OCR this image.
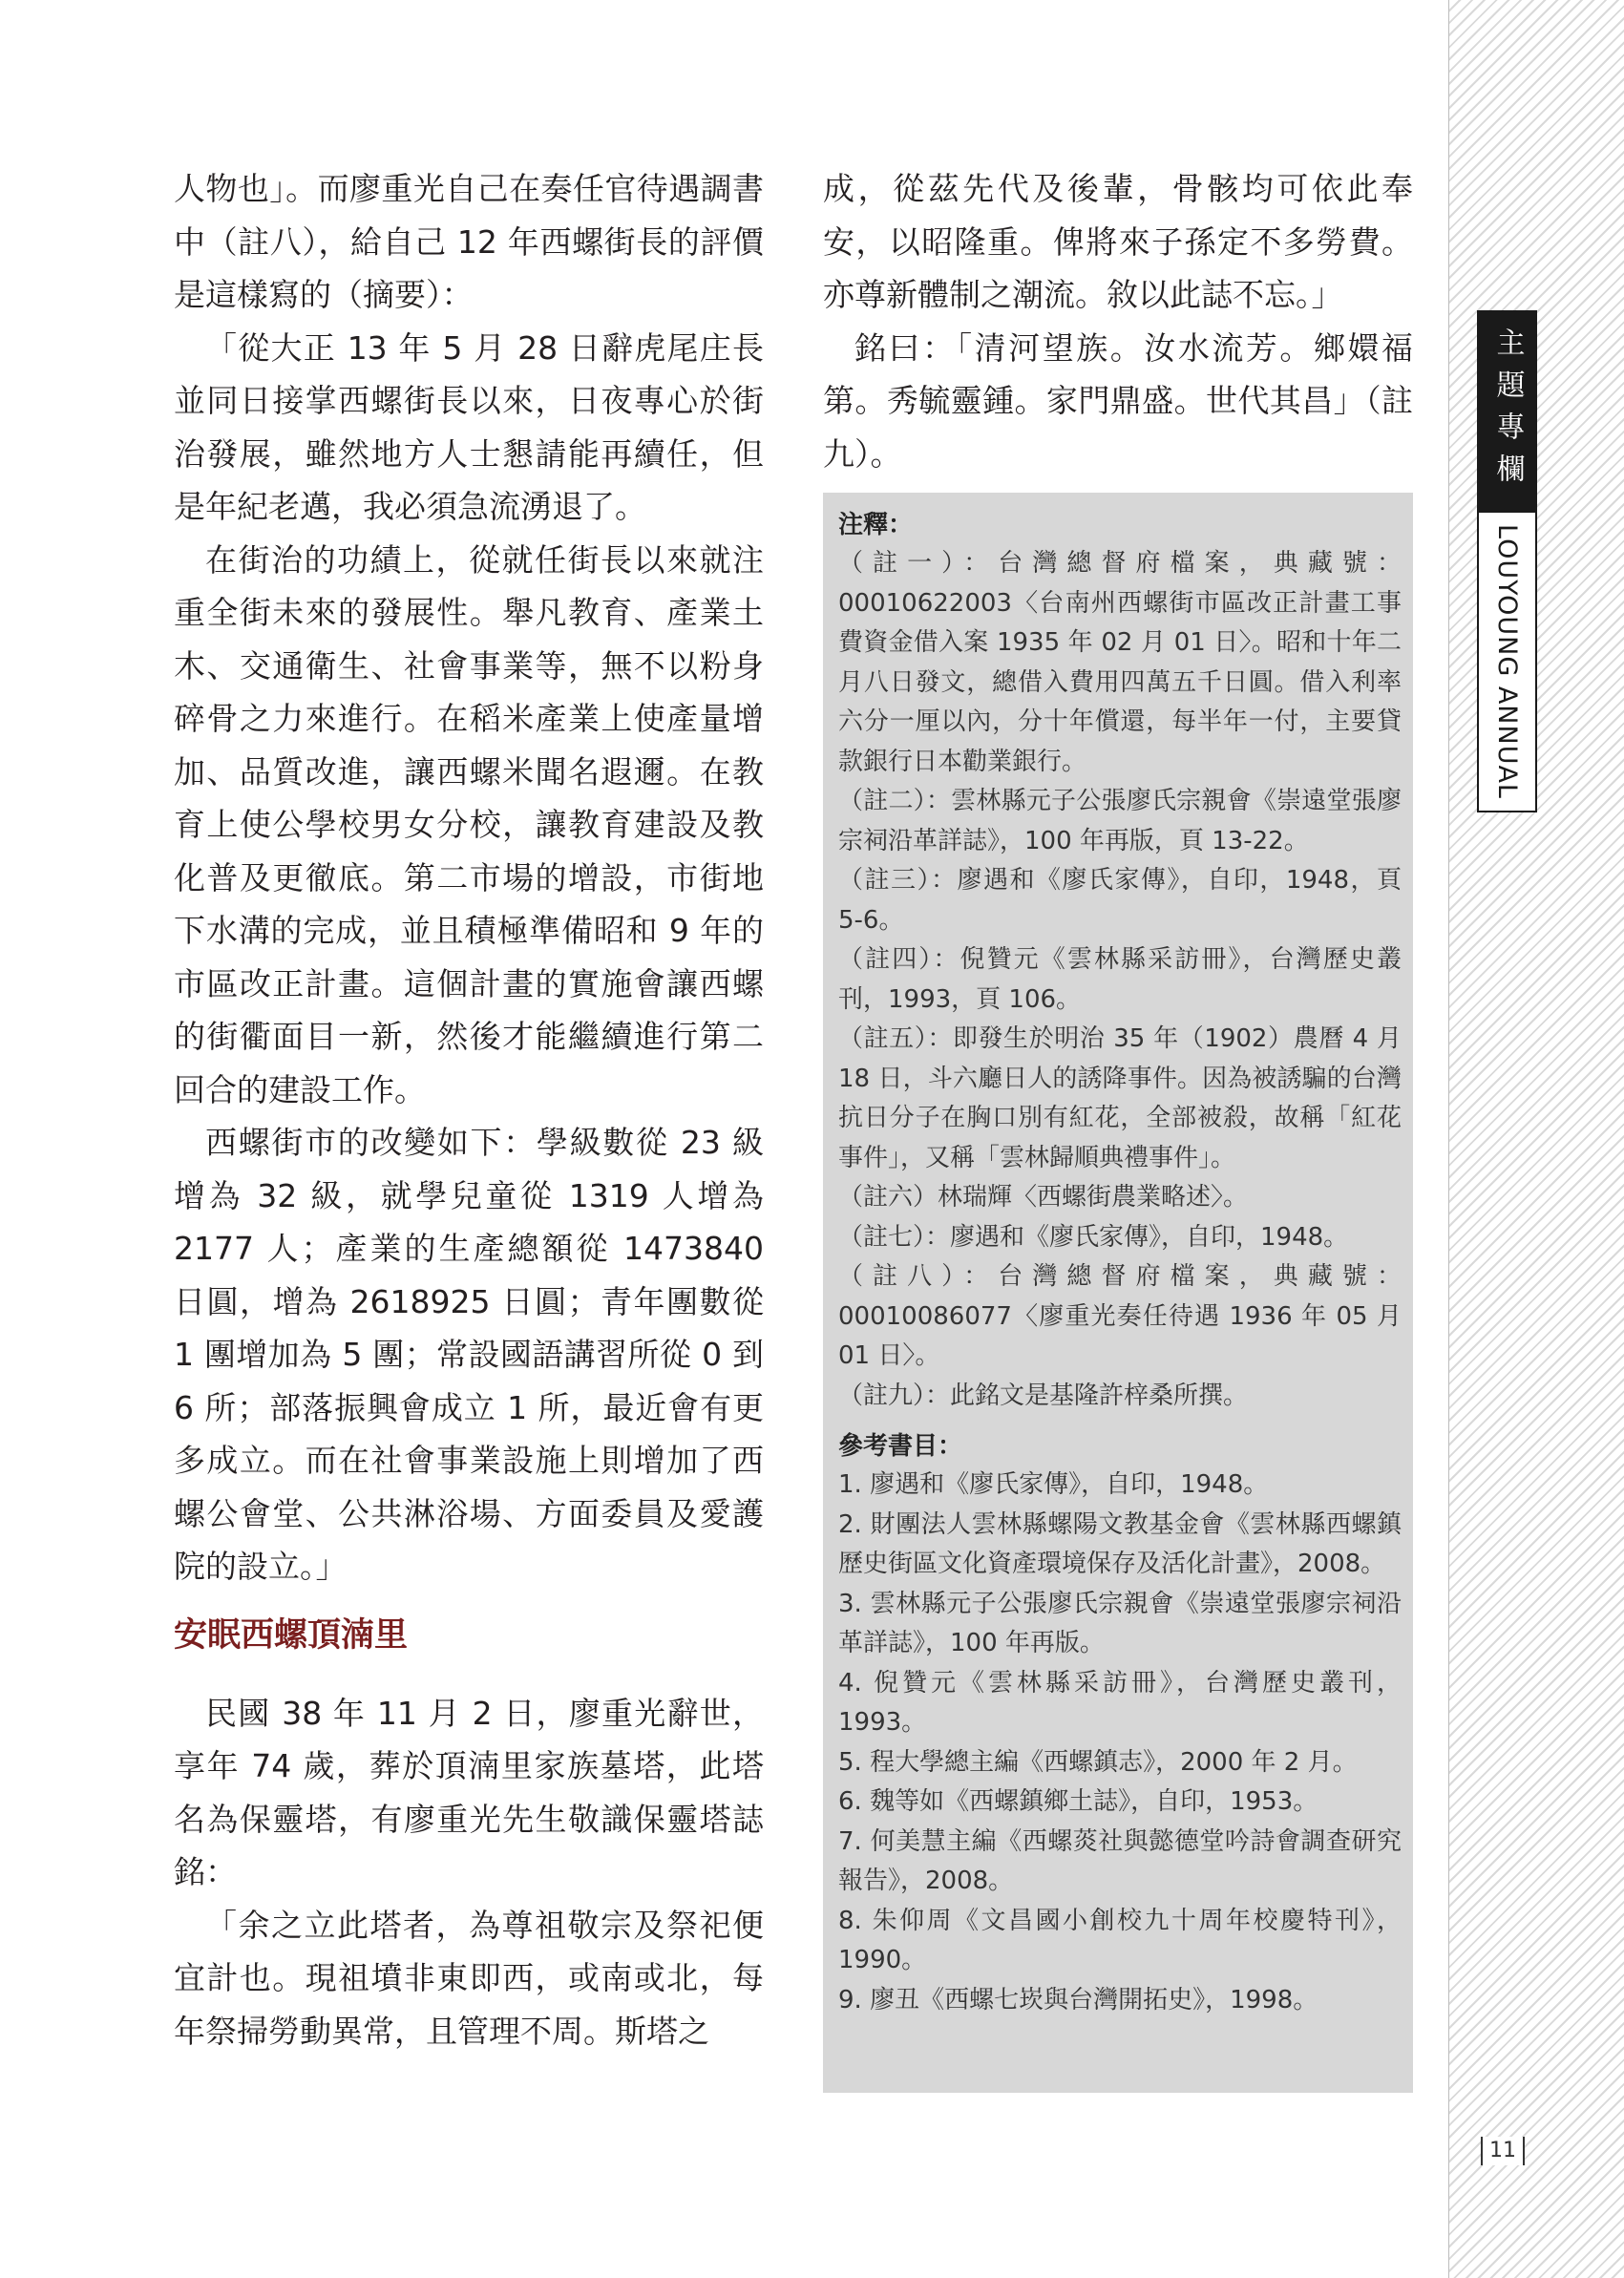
主題專欄
LOUYOUNG ANNUAL
11

人物也」。而廖重光自己在奏任官待遇調書中（註八），給自己 12 年西螺街長的評價是這樣寫的（摘要）：

「從大正 13 年 5 月 28 日辭虎尾庄長並同日接掌西螺街長以來，日夜專心於街治發展，雖然地方人士懇請能再續任，但是年紀老邁，我必須急流湧退了。

在街治的功績上，從就任街長以來就注重全街未來的發展性。舉凡教育、產業土木、交通衛生、社會事業等，無不以粉身碎骨之力來進行。在稻米產業上使產量增加、品質改進，讓西螺米聞名遐邇。在教育上使公學校男女分校，讓教育建設及教化普及更徹底。第二市場的增設，市街地下水溝的完成，並且積極準備昭和 9 年的市區改正計畫。這個計畫的實施會讓西螺的街衢面目一新，然後才能繼續進行第二回合的建設工作。

西螺街市的改變如下：學級數從 23 級增為 32 級，就學兒童從 1319 人增為 2177 人；產業的生產總額從 1473840 日圓，增為 2618925 日圓；青年團數從 1 團增加為 5 團；常設國語講習所從 0 到 6 所；部落振興會成立 1 所，最近會有更多成立。而在社會事業設施上則增加了西螺公會堂、公共淋浴場、方面委員及愛護院的設立。」

安眠西螺頂湳里

民國 38 年 11 月 2 日，廖重光辭世，享年 74 歲，葬於頂湳里家族墓塔，此塔名為保靈塔，有廖重光先生敬識保靈塔誌銘：

「余之立此塔者，為尊祖敬宗及祭祀便宜計也。現祖墳非東即西，或南或北，每年祭掃勞動異常，且管理不周。斯塔之

成，從茲先代及後輩，骨骸均可依此奉安，以昭隆重。俾將來子孫定不多勞費。亦尊新體制之潮流。敘以此誌不忘。」

銘曰：「清河望族。汝水流芳。鄉嬛福第。秀毓靈鍾。家門鼎盛。世代其昌」（註九）。

注釋：
（註一）：台灣總督府檔案，典藏號：00010622003〈台南州西螺街市區改正計畫工事費資金借入案 1935 年 02 月 01 日〉。昭和十年二月八日發文，總借入費用四萬五千日圓。借入利率六分一厘以內，分十年償還，每半年一付，主要貸款銀行日本勸業銀行。
（註二）：雲林縣元子公張廖氏宗親會《崇遠堂張廖宗祠沿革詳誌》，100 年再版，頁 13-22。
（註三）：廖遇和《廖氏家傳》，自印，1948，頁 5-6。
（註四）：倪贊元《雲林縣采訪冊》，台灣歷史叢刊，1993，頁 106。
（註五）：即發生於明治 35 年（1902）農曆 4 月 18 日，斗六廳日人的誘降事件。因為被誘騙的台灣抗日分子在胸口別有紅花，全部被殺，故稱「紅花事件」，又稱「雲林歸順典禮事件」。
（註六）林瑞輝〈西螺街農業略述〉。
（註七）：廖遇和《廖氏家傳》，自印，1948。
（註八）：台灣總督府檔案，典藏號：00010086077〈廖重光奏任待遇 1936 年 05 月 01 日〉。
（註九）：此銘文是基隆許梓桑所撰。
參考書目：
1. 廖遇和《廖氏家傳》，自印，1948。
2. 財團法人雲林縣螺陽文教基金會《雲林縣西螺鎮歷史街區文化資產環境保存及活化計畫》，2008。
3. 雲林縣元子公張廖氏宗親會《崇遠堂張廖宗祠沿革詳誌》，100 年再版。
4. 倪贊元《雲林縣采訪冊》，台灣歷史叢刊，1993。
5. 程大學總主編《西螺鎮志》，2000 年 2 月。
6. 魏等如《西螺鎮鄉土誌》，自印，1953。
7. 何美慧主編《西螺菼社與懿德堂吟詩會調查研究報告》，2008。
8. 朱仰周《文昌國小創校九十周年校慶特刊》，1990。
9. 廖丑《西螺七崁與台灣開拓史》，1998。
